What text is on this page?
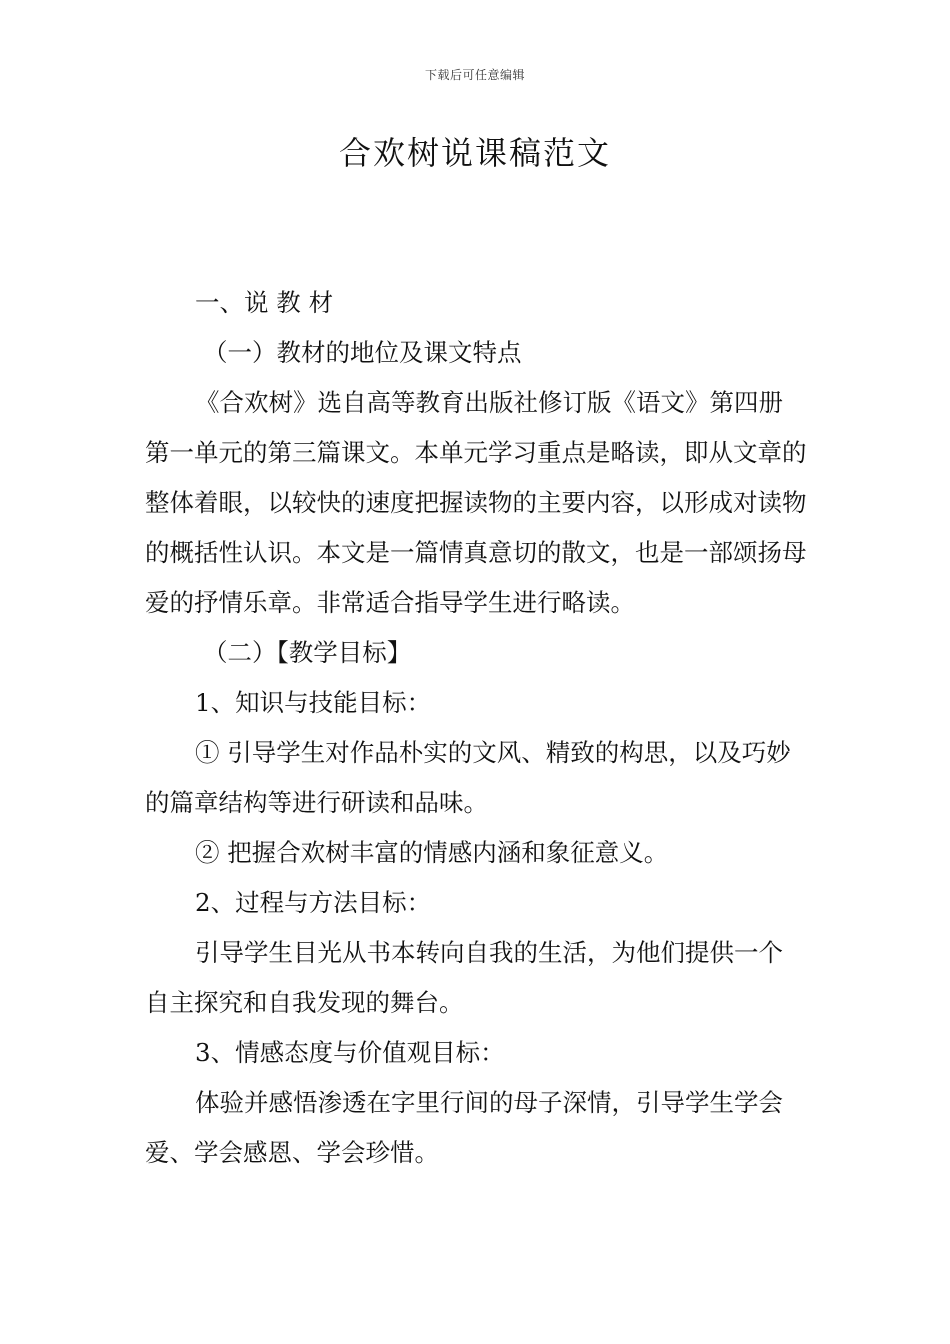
下载后可任意编辑
合欢树说课稿范文

一、说 教 材

（一）教材的地位及课文特点

《合欢树》选自高等教育出版社修订版《语文》第四册第一单元的第三篇课文。本单元学习重点是略读，即从文章的整体着眼，以较快的速度把握读物的主要内容，以形成对读物的概括性认识。本文是一篇情真意切的散文，也是一部颂扬母爱的抒情乐章。非常适合指导学生进行略读。

（二）【教学目标】

1、知识与技能目标：

① 引导学生对作品朴实的文风、精致的构思，以及巧妙的篇章结构等进行研读和品味。

② 把握合欢树丰富的情感内涵和象征意义。

2、过程与方法目标：

引导学生目光从书本转向自我的生活，为他们提供一个自主探究和自我发现的舞台。

3、情感态度与价值观目标：

体验并感悟渗透在字里行间的母子深情，引导学生学会爱、学会感恩、学会珍惜。
